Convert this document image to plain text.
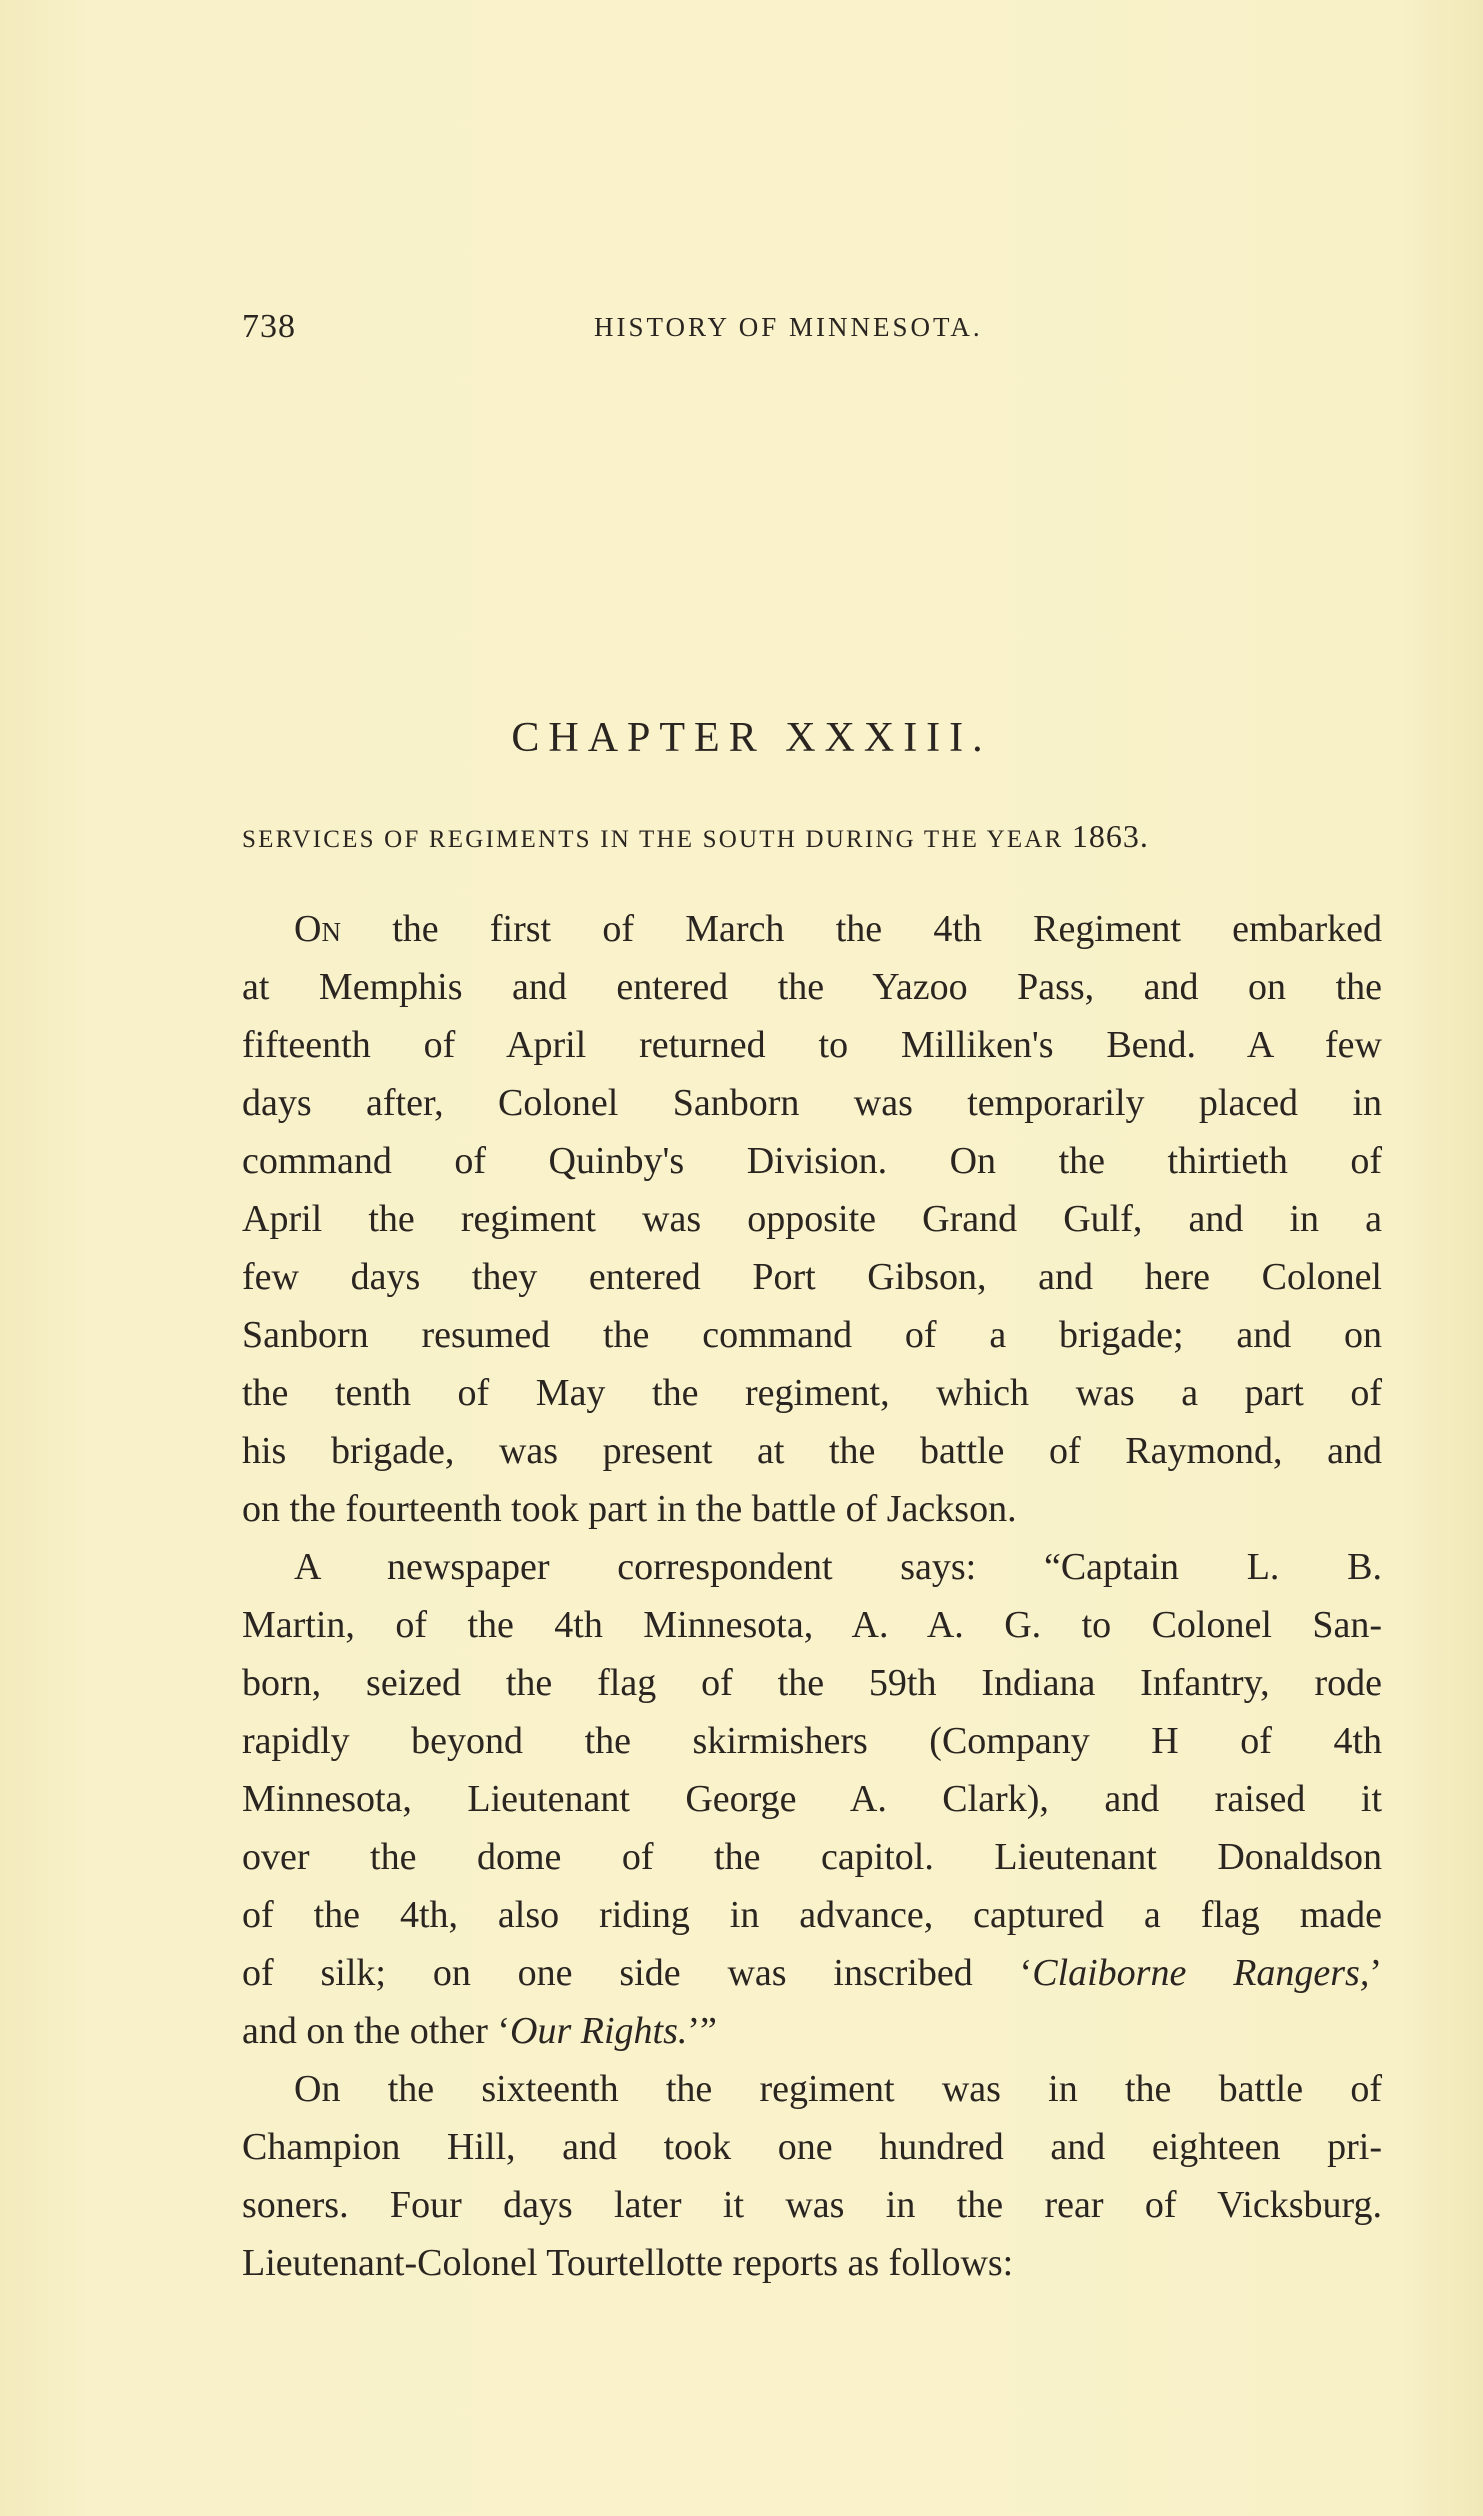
738	HISTORY OF MINNESOTA.
CHAPTER XXXIII.
SERVICES OF REGIMENTS IN THE SOUTH DURING THE YEAR 1863.
On the first of March the 4th Regiment embarked
at Memphis and entered the Yazoo Pass, and on the
fifteenth of April returned to Milliken's Bend. A few
days after, Colonel Sanborn was temporarily placed in
command of Quinby's Division. On the thirtieth of
April the regiment was opposite Grand Gulf, and in a
few days they entered Port Gibson, and here Colonel
Sanborn resumed the command of a brigade; and on
the tenth of May the regiment, which was a part of
his brigade, was present at the battle of Raymond, and
on the fourteenth took part in the battle of Jackson.
A newspaper correspondent says: “Captain L. B.
Martin, of the 4th Minnesota, A. A. G. to Colonel San-
born, seized the flag of the 59th Indiana Infantry, rode
rapidly beyond the skirmishers (Company H of 4th
Minnesota, Lieutenant George A. Clark), and raised it
over the dome of the capitol. Lieutenant Donaldson
of the 4th, also riding in advance, captured a flag made
of silk; on one side was inscribed ‘Claiborne Rangers,’
and on the other ‘Our Rights.’”
On the sixteenth the regiment was in the battle of
Champion Hill, and took one hundred and eighteen pri-
soners. Four days later it was in the rear of Vicksburg.
Lieutenant-Colonel Tourtellotte reports as follows:
